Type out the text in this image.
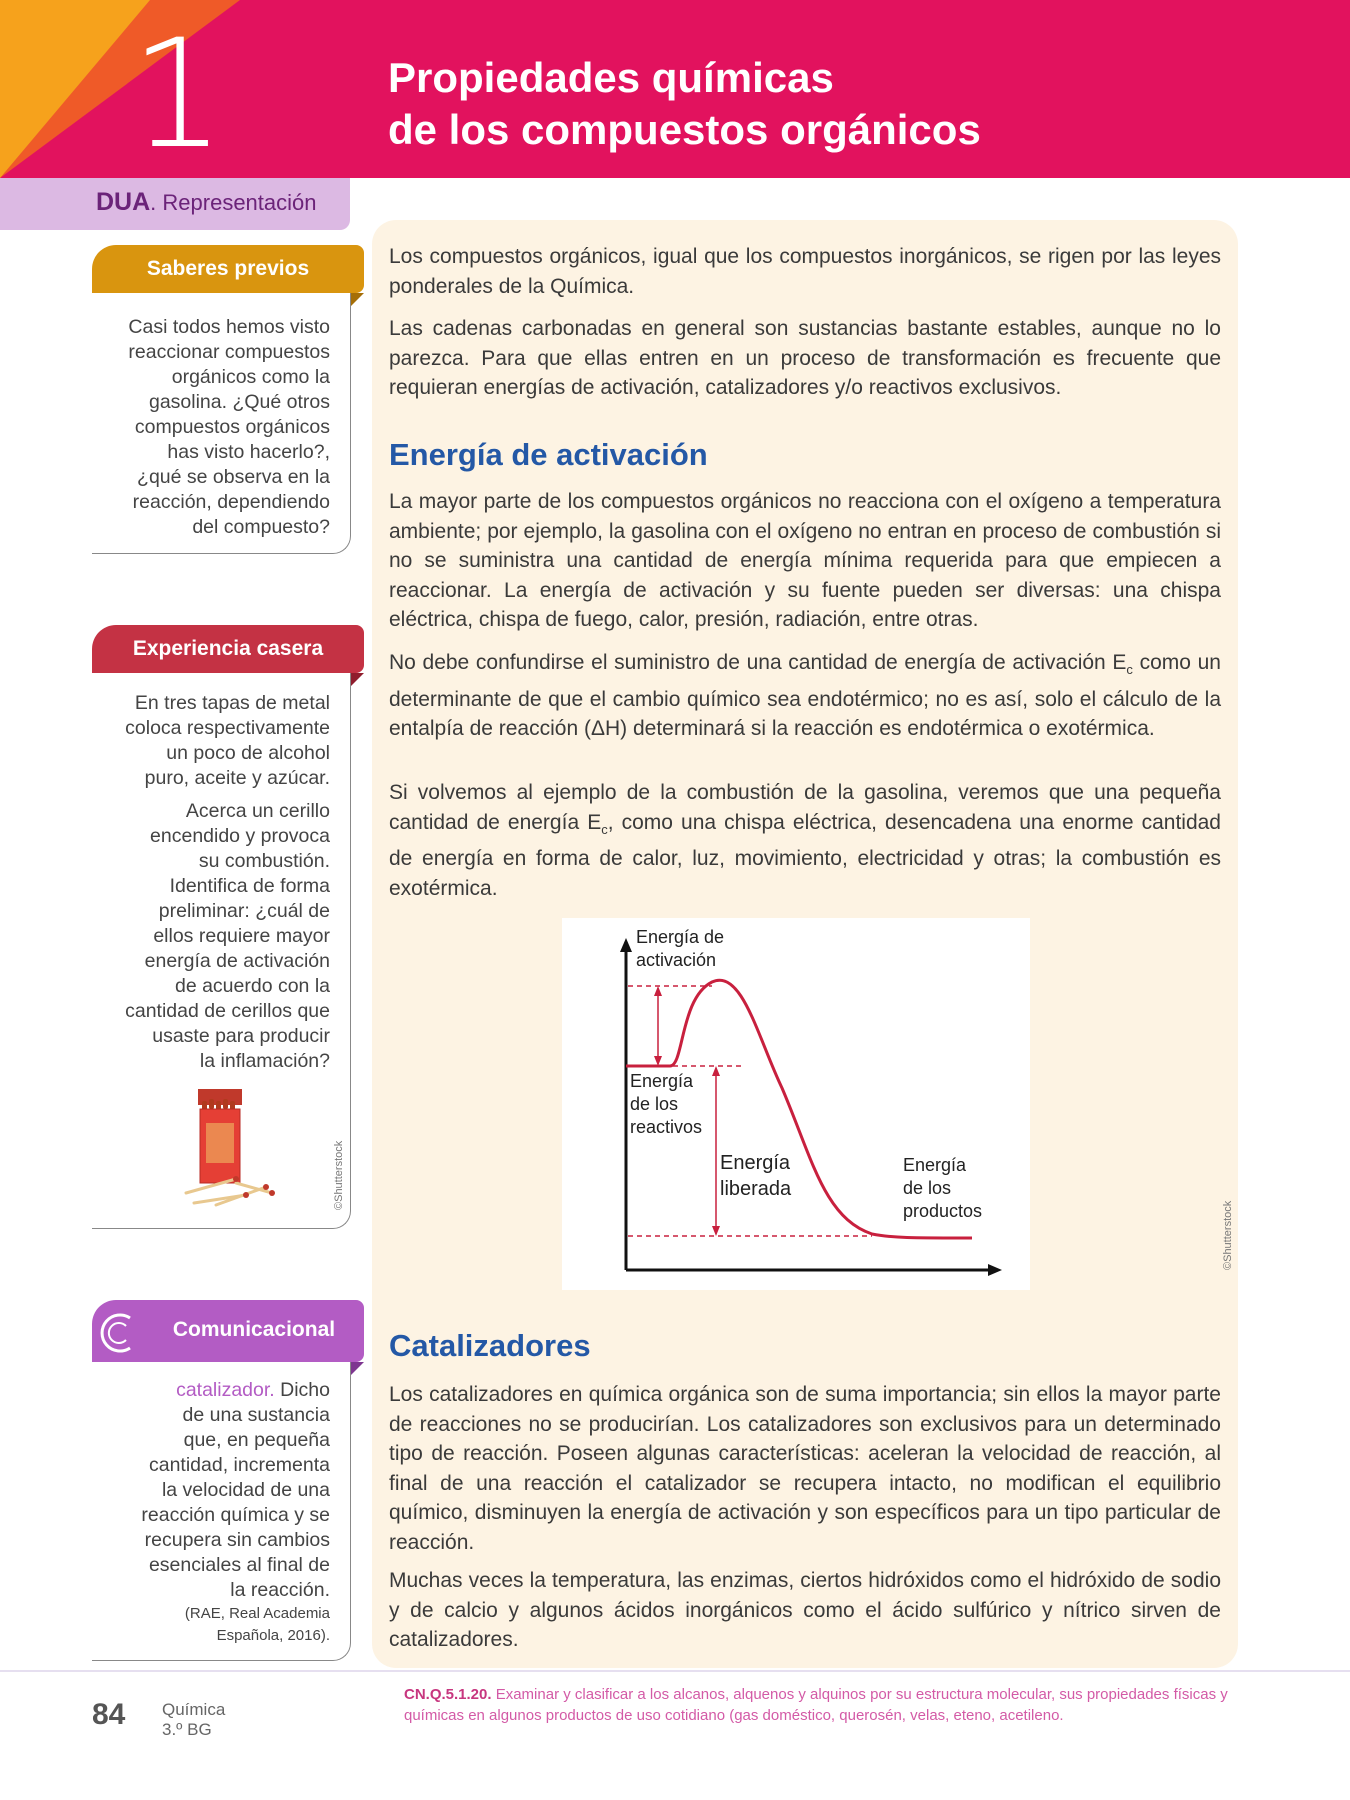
1	Propiedades químicas
de los compuestos orgánicos
DUA. Representación

Los compuestos orgánicos, igual que los compuestos inorgánicos, se rigen por las leyes ponderales de la Química.

Las cadenas carbonadas en general son sustancias bastante estables, aunque no lo parezca. Para que ellas entren en un proceso de transformación es frecuente que requieran energías de activación, catalizadores y/o reactivos exclusivos.

Energía de activación

La mayor parte de los compuestos orgánicos no reacciona con el oxígeno a temperatura ambiente; por ejemplo, la gasolina con el oxígeno no entran en proceso de combustión si no se suministra una cantidad de energía mínima requerida para que empiecen a reaccionar. La energía de activación y su fuente pueden ser diversas: una chispa eléctrica, chispa de fuego, calor, presión, radiación, entre otras.

No debe confundirse el suministro de una cantidad de energía de activación $E_c$ como un determinante de que el cambio químico sea endotérmico; no es así, solo el cálculo de la entalpía de reacción (ΔH) determinará si la reacción es endotérmica o exotérmica.

Si volvemos al ejemplo de la combustión de la gasolina, veremos que una pequeña cantidad de energía $E_c$, como una chispa eléctrica, desencadena una enorme cantidad de energía en forma de calor, luz, movimiento, electricidad y otras; la combustión es exotérmica.

Energía de
activación
Energía
de los
reactivos
Energía
liberada
Energía
de los
productos	©Shutterstock
Catalizadores

Los catalizadores en química orgánica son de suma importancia; sin ellos la mayor parte de reacciones no se producirían. Los catalizadores son exclusivos para un determinado tipo de reacción. Poseen algunas características: aceleran la velocidad de reacción, al final de una reacción el catalizador se recupera intacto, no modifican el equilibrio químico, disminuyen la energía de activación y son específicos para un tipo particular de reacción.

Muchas veces la temperatura, las enzimas, ciertos hidróxidos como el hidróxido de sodio y de calcio y algunos ácidos inorgánicos como el ácido sulfúrico y nítrico sirven de catalizadores.

Saberes previos
Casi todos hemos visto
reaccionar compuestos
orgánicos como la
gasolina. ¿Qué otros
compuestos orgánicos
has visto hacerlo?,
¿qué se observa en la
reacción, dependiendo
del compuesto?
Experiencia casera
En tres tapas de metal
coloca respectivamente
un poco de alcohol
puro, aceite y azúcar.
Acerca un cerillo
encendido y provoca
su combustión.
Identifica de forma
preliminar: ¿cuál de
ellos requiere mayor
energía de activación
de acuerdo con la
cantidad de cerillos que
usaste para producir
la inflamación?
©Shutterstock
Comunicacional
catalizador. Dicho
de una sustancia
que, en pequeña
cantidad, incrementa
la velocidad de una
reacción química y se
recupera sin cambios
esenciales al final de
la reacción.
(RAE, Real Academia
Española, 2016).
84 Química
3.º BG

CN.Q.5.1.20. Examinar y clasificar a los alcanos, alquenos y alquinos por su estructura molecular, sus propiedades físicas y químicas en algunos productos de uso cotidiano (gas doméstico, querosén, velas, eteno, acetileno.
